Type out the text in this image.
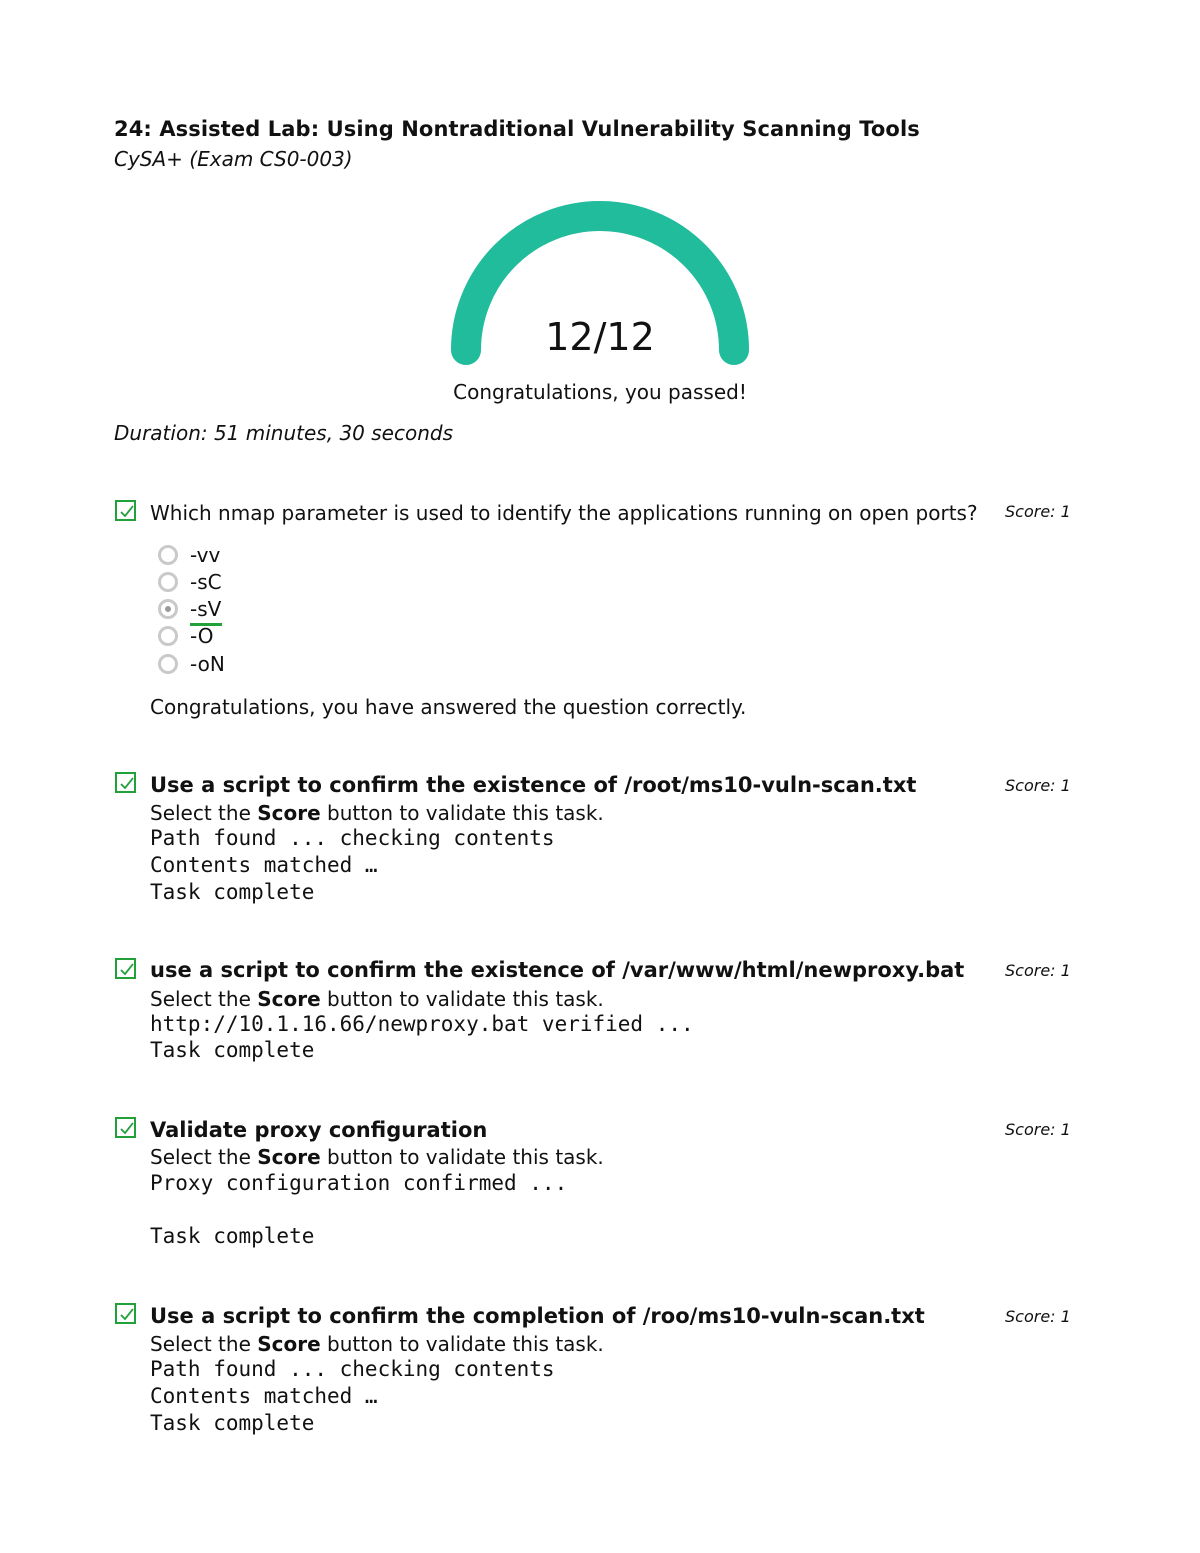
24: Assisted Lab: Using Nontraditional Vulnerability Scanning Tools
CySA+ (Exam CS0-003)
12/12
Congratulations, you passed!
Duration: 51 minutes, 30 seconds
Which nmap parameter is used to identify the applications running on open ports? Score: 1
-vv
-sC
-sV
-O
-oN
Congratulations, you have answered the question correctly.
Use a script to confirm the existence of /root/ms10-vuln-scan.txt	Score: 1
Select the Score button to validate this task.
Path found ... checking contents
Contents matched …
Task complete
use a script to confirm the existence of /var/www/html/newproxy.bat	Score: 1
Select the Score button to validate this task.
http://10.1.16.66/newproxy.bat verified ...
Task complete
Validate proxy configuration	Score: 1
Select the Score button to validate this task.
Proxy configuration confirmed ...
Task complete
Use a script to confirm the completion of /roo/ms10-vuln-scan.txt	Score: 1
Select the Score button to validate this task.
Path found ... checking contents
Contents matched …
Task complete
